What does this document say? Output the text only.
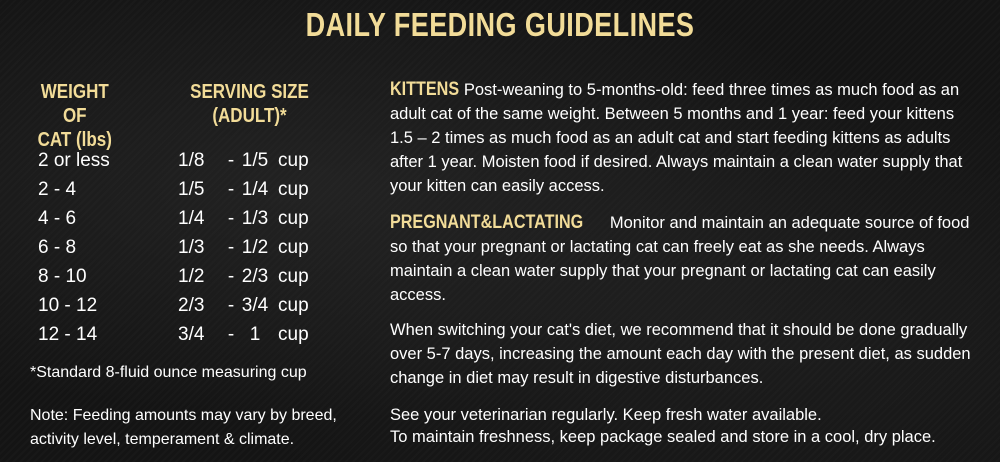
DAILY FEEDING GUIDELINES
WEIGHT OF
CAT (lbs)
SERVING SIZE
(ADULT)*
2 or less	1/8	- 1/5 cup
2 - 4	1/5	- 1/4 cup
4 - 6	1/4	- 1/3 cup
6 - 8	1/3	- 1/2 cup
8 - 10	1/2	- 2/3 cup
10 - 12	2/3	- 3/4 cup
12 - 14	3/4	- 1 cup
*Standard 8-fluid ounce measuring cup
Note: Feeding amounts may vary by breed, activity level, temperament & climate.
KITTENS Post-weaning to 5-months-old: feed three times as much food as an adult cat of the same weight. Between 5 months and 1 year: feed your kittens 1.5 – 2 times as much food as an adult cat and start feeding kittens as adults after 1 year. Moisten food if desired. Always maintain a clean water supply that your kitten can easily access.
PREGNANT&LACTATING Monitor and maintain an adequate source of food so that your pregnant or lactating cat can freely eat as she needs. Always maintain a clean water supply that your pregnant or lactating cat can easily access.
When switching your cat's diet, we recommend that it should be done gradually over 5-7 days, increasing the amount each day with the present diet, as sudden change in diet may result in digestive disturbances.
See your veterinarian regularly. Keep fresh water available.
To maintain freshness, keep package sealed and store in a cool, dry place.
